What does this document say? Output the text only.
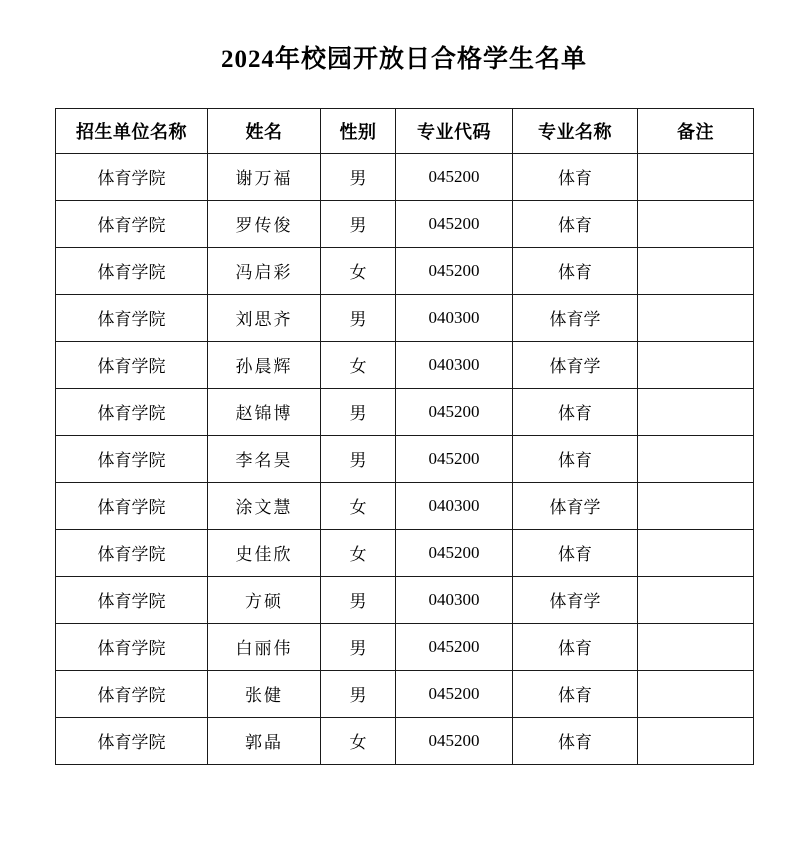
2024年校园开放日合格学生名单
招生单位名称	姓名	性别	专业代码	专业名称	备注
体育学院	谢万福	男	045200	体育	
体育学院	罗传俊	男	045200	体育	
体育学院	冯启彩	女	045200	体育	
体育学院	刘思齐	男	040300	体育学	
体育学院	孙晨辉	女	040300	体育学	
体育学院	赵锦博	男	045200	体育	
体育学院	李名昊	男	045200	体育	
体育学院	涂文慧	女	040300	体育学	
体育学院	史佳欣	女	045200	体育	
体育学院	方硕	男	040300	体育学	
体育学院	白丽伟	男	045200	体育	
体育学院	张健	男	045200	体育	
体育学院	郭晶	女	045200	体育	
